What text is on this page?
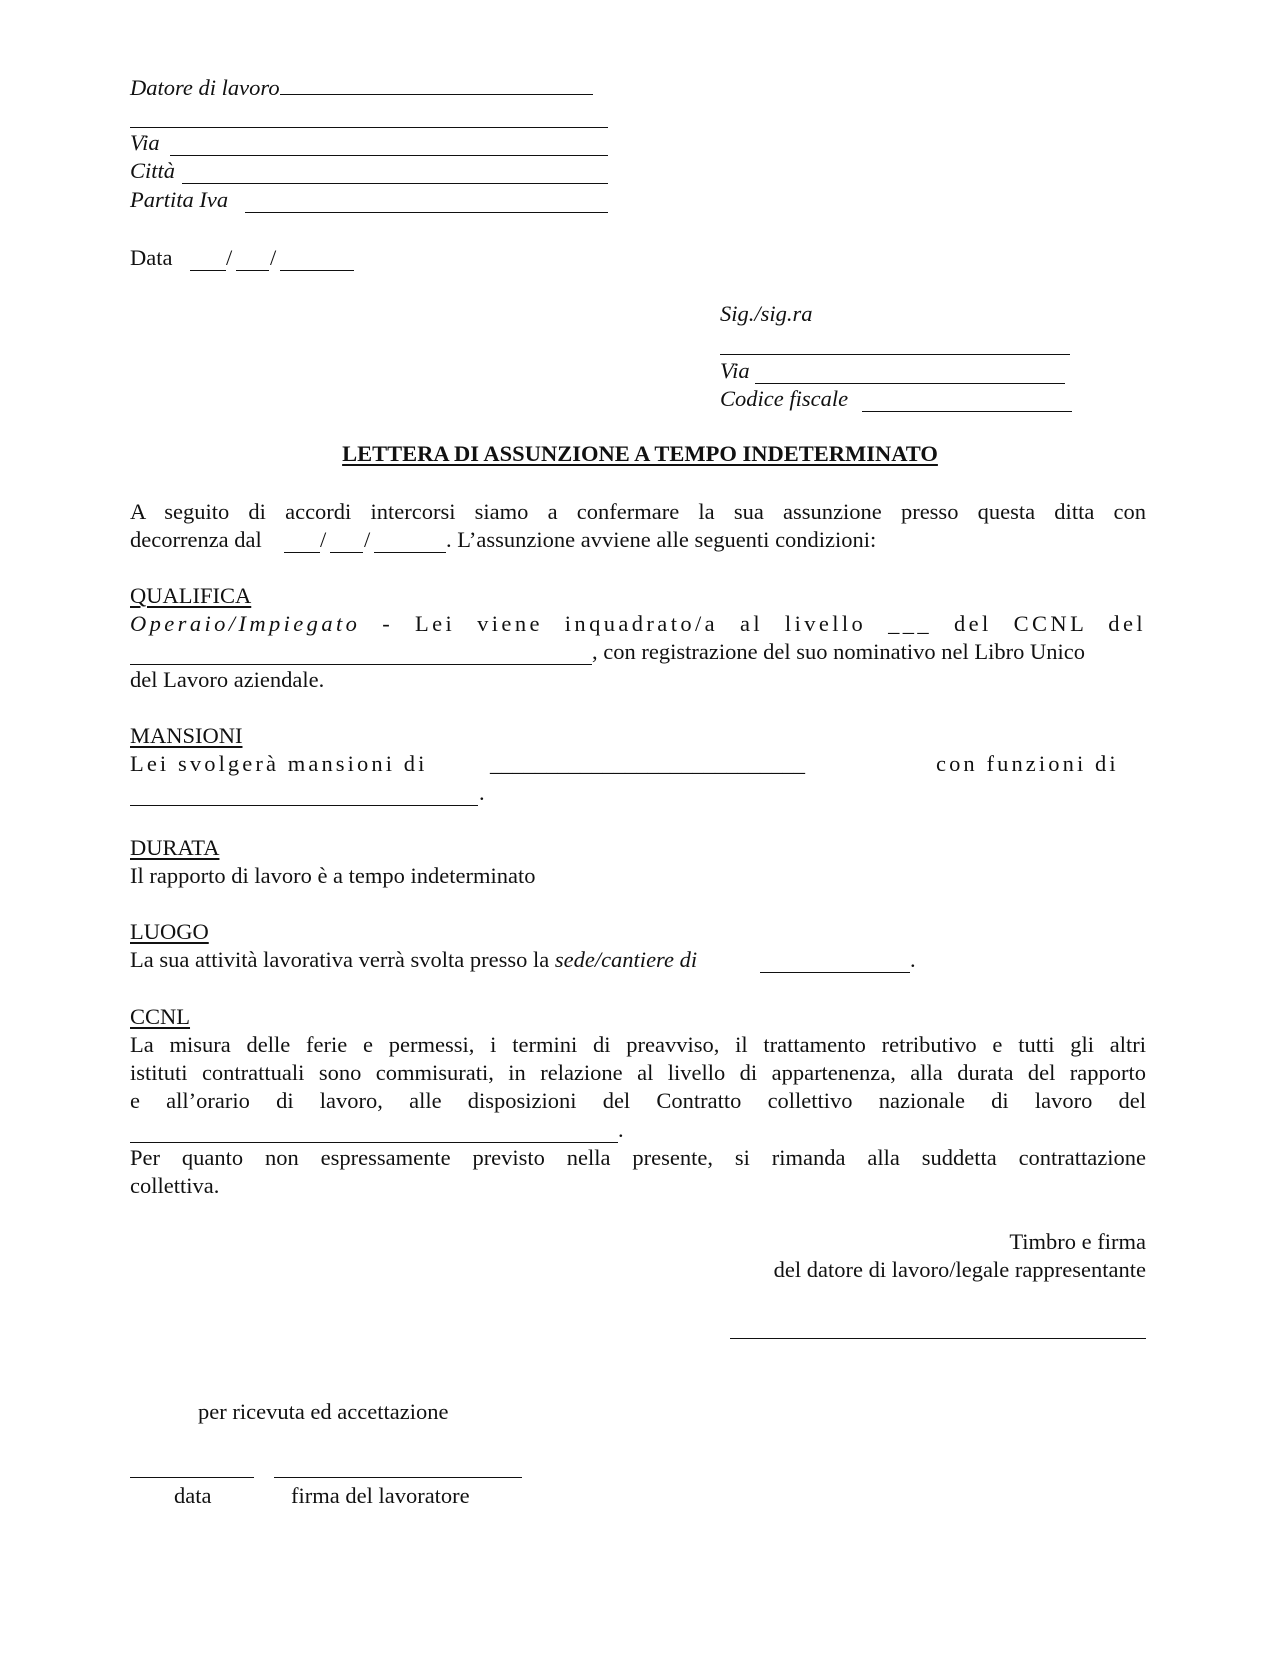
Datore di lavoro
Via
Città
Partita Iva
Data / /
Sig./sig.ra
Via
Codice fiscale
LETTERA DI ASSUNZIONE A TEMPO INDETERMINATO
A seguito di accordi intercorsi siamo a confermare la sua assunzione presso questa ditta con
decorrenza dal	/ /	. L’assunzione avviene alle seguenti condizioni:
QUALIFICA
Operaio/Impiegato - Lei viene inquadrato/a al livello ___ del CCNL del
, con registrazione del suo nominativo nel Libro Unico
del Lavoro aziendale.
MANSIONI
Lei svolgerà mansioni di	____________________________	con funzioni di
.
DURATA
Il rapporto di lavoro è a tempo indeterminato
LUOGO
La sua attività lavorativa verrà svolta presso la sede/cantiere di	.
CCNL
La misura delle ferie e permessi, i termini di preavviso, il trattamento retributivo e tutti gli altri
istituti contrattuali sono commisurati, in relazione al livello di appartenenza, alla durata del rapporto
e all’orario di lavoro, alle disposizioni del Contratto collettivo nazionale di lavoro del
.
Per quanto non espressamente previsto nella presente, si rimanda alla suddetta contrattazione
collettiva.
Timbro e firma
del datore di lavoro/legale rappresentante
per ricevuta ed accettazione
data	firma del lavoratore
